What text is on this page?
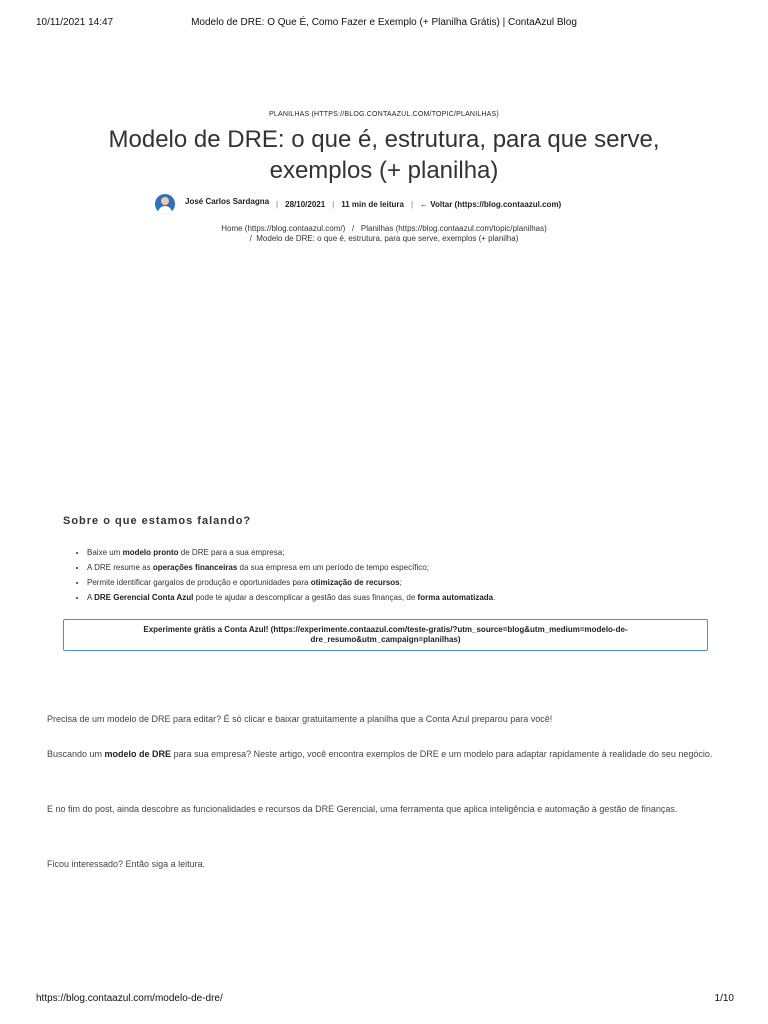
10/11/2021 14:47	Modelo de DRE: O Que É, Como Fazer e Exemplo (+ Planilha Grátis) | ContaAzul Blog
PLANILHAS (HTTPS://BLOG.CONTAAZUL.COM/TOPIC/PLANILHAS)
Modelo de DRE: o que é, estrutura, para que serve,
exemplos (+ planilha)
José Carlos Sardagna | 28/10/2021 | 11 min de leitura | ← Voltar (https://blog.contaazul.com)
Home (https://blog.contaazul.com/) / Planilhas (https://blog.contaazul.com/topic/planilhas)
/ Modelo de DRE: o que é, estrutura, para que serve, exemplos (+ planilha)
Sobre o que estamos falando?
• Baixe um modelo pronto de DRE para a sua empresa;
• A DRE resume as operações financeiras da sua empresa em um período de tempo específico;
• Permite identificar gargalos de produção e oportunidades para otimização de recursos;
• A DRE Gerencial Conta Azul pode te ajudar a descomplicar a gestão das suas finanças, de forma automatizada.
Experimente grátis a Conta Azul! (https://experimente.contaazul.com/teste-gratis/?utm_source=blog&utm_medium=modelo-de-
dre_resumo&utm_campaign=planilhas)

Precisa de um modelo de DRE para editar? É só clicar e baixar gratuitamente a planilha que a Conta Azul preparou para você!

Buscando um modelo de DRE para sua empresa? Neste artigo, você encontra exemplos de DRE e um modelo para adaptar rapidamente à realidade do seu negócio.

E no fim do post, ainda descobre as funcionalidades e recursos da DRE Gerencial, uma ferramenta que aplica inteligência e automação à gestão de finanças.

Ficou interessado? Então siga a leitura.

https://blog.contaazul.com/modelo-de-dre/	1/10
